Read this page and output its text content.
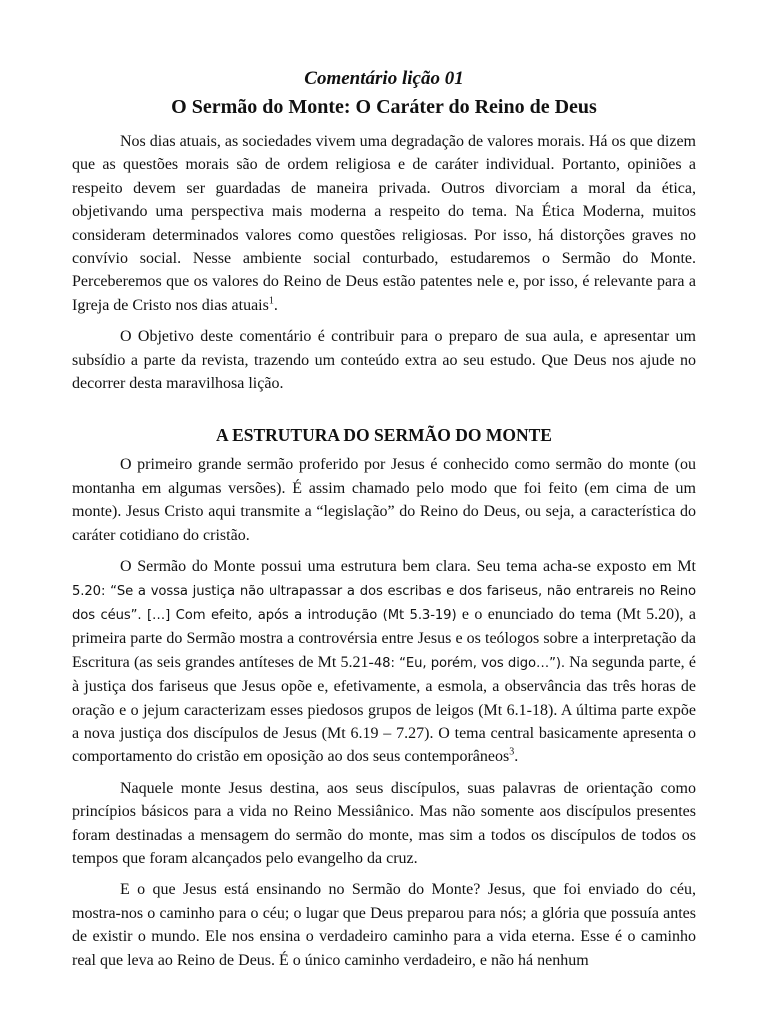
Comentário lição 01
O Sermão do Monte: O Caráter do Reino de Deus

Nos dias atuais, as sociedades vivem uma degradação de valores morais. Há os que dizem que as questões morais são de ordem religiosa e de caráter individual. Portanto, opiniões a respeito devem ser guardadas de maneira privada. Outros divorciam a moral da ética, objetivando uma perspectiva mais moderna a respeito do tema. Na Ética Moderna, muitos consideram determinados valores como questões religiosas. Por isso, há distorções graves no convívio social. Nesse ambiente social conturbado, estudaremos o Sermão do Monte. Perceberemos que os valores do Reino de Deus estão patentes nele e, por isso, é relevante para a Igreja de Cristo nos dias atuais$^1$.

O Objetivo deste comentário é contribuir para o preparo de sua aula, e apresentar um subsídio a parte da revista, trazendo um conteúdo extra ao seu estudo. Que Deus nos ajude no decorrer desta maravilhosa lição.

A ESTRUTURA DO SERMÃO DO MONTE

O primeiro grande sermão proferido por Jesus é conhecido como sermão do monte (ou montanha em algumas versões). É assim chamado pelo modo que foi feito (em cima de um monte). Jesus Cristo aqui transmite a “legislação” do Reino do Deus, ou seja, a característica do caráter cotidiano do cristão.

O Sermão do Monte possui uma estrutura bem clara. Seu tema acha-se exposto em Mt 5.20: “Se a vossa justiça não ultrapassar a dos escribas e dos fariseus, não entrareis no Reino dos céus”. […] Com efeito, após a introdução (Mt 5.3-19) e o enunciado do tema (Mt 5.20), a primeira parte do Sermão mostra a controvérsia entre Jesus e os teólogos sobre a interpretação da Escritura (as seis grandes antíteses de Mt 5.21-48: “Eu, porém, vos digo…”). Na segunda parte, é à justiça dos fariseus que Jesus opõe e, efetivamente, a esmola, a observância das três horas de oração e o jejum caracterizam esses piedosos grupos de leigos (Mt 6.1-18). A última parte expõe a nova justiça dos discípulos de Jesus (Mt 6.19 – 7.27). O tema central basicamente apresenta o comportamento do cristão em oposição ao dos seus contemporâneos$^3$.

Naquele monte Jesus destina, aos seus discípulos, suas palavras de orientação como princípios básicos para a vida no Reino Messiânico. Mas não somente aos discípulos presentes foram destinadas a mensagem do sermão do monte, mas sim a todos os discípulos de todos os tempos que foram alcançados pelo evangelho da cruz.

E o que Jesus está ensinando no Sermão do Monte? Jesus, que foi enviado do céu, mostra-nos o caminho para o céu; o lugar que Deus preparou para nós; a glória que possuía antes de existir o mundo. Ele nos ensina o verdadeiro caminho para a vida eterna. Esse é o caminho real que leva ao Reino de Deus. É o único caminho verdadeiro, e não há nenhum
